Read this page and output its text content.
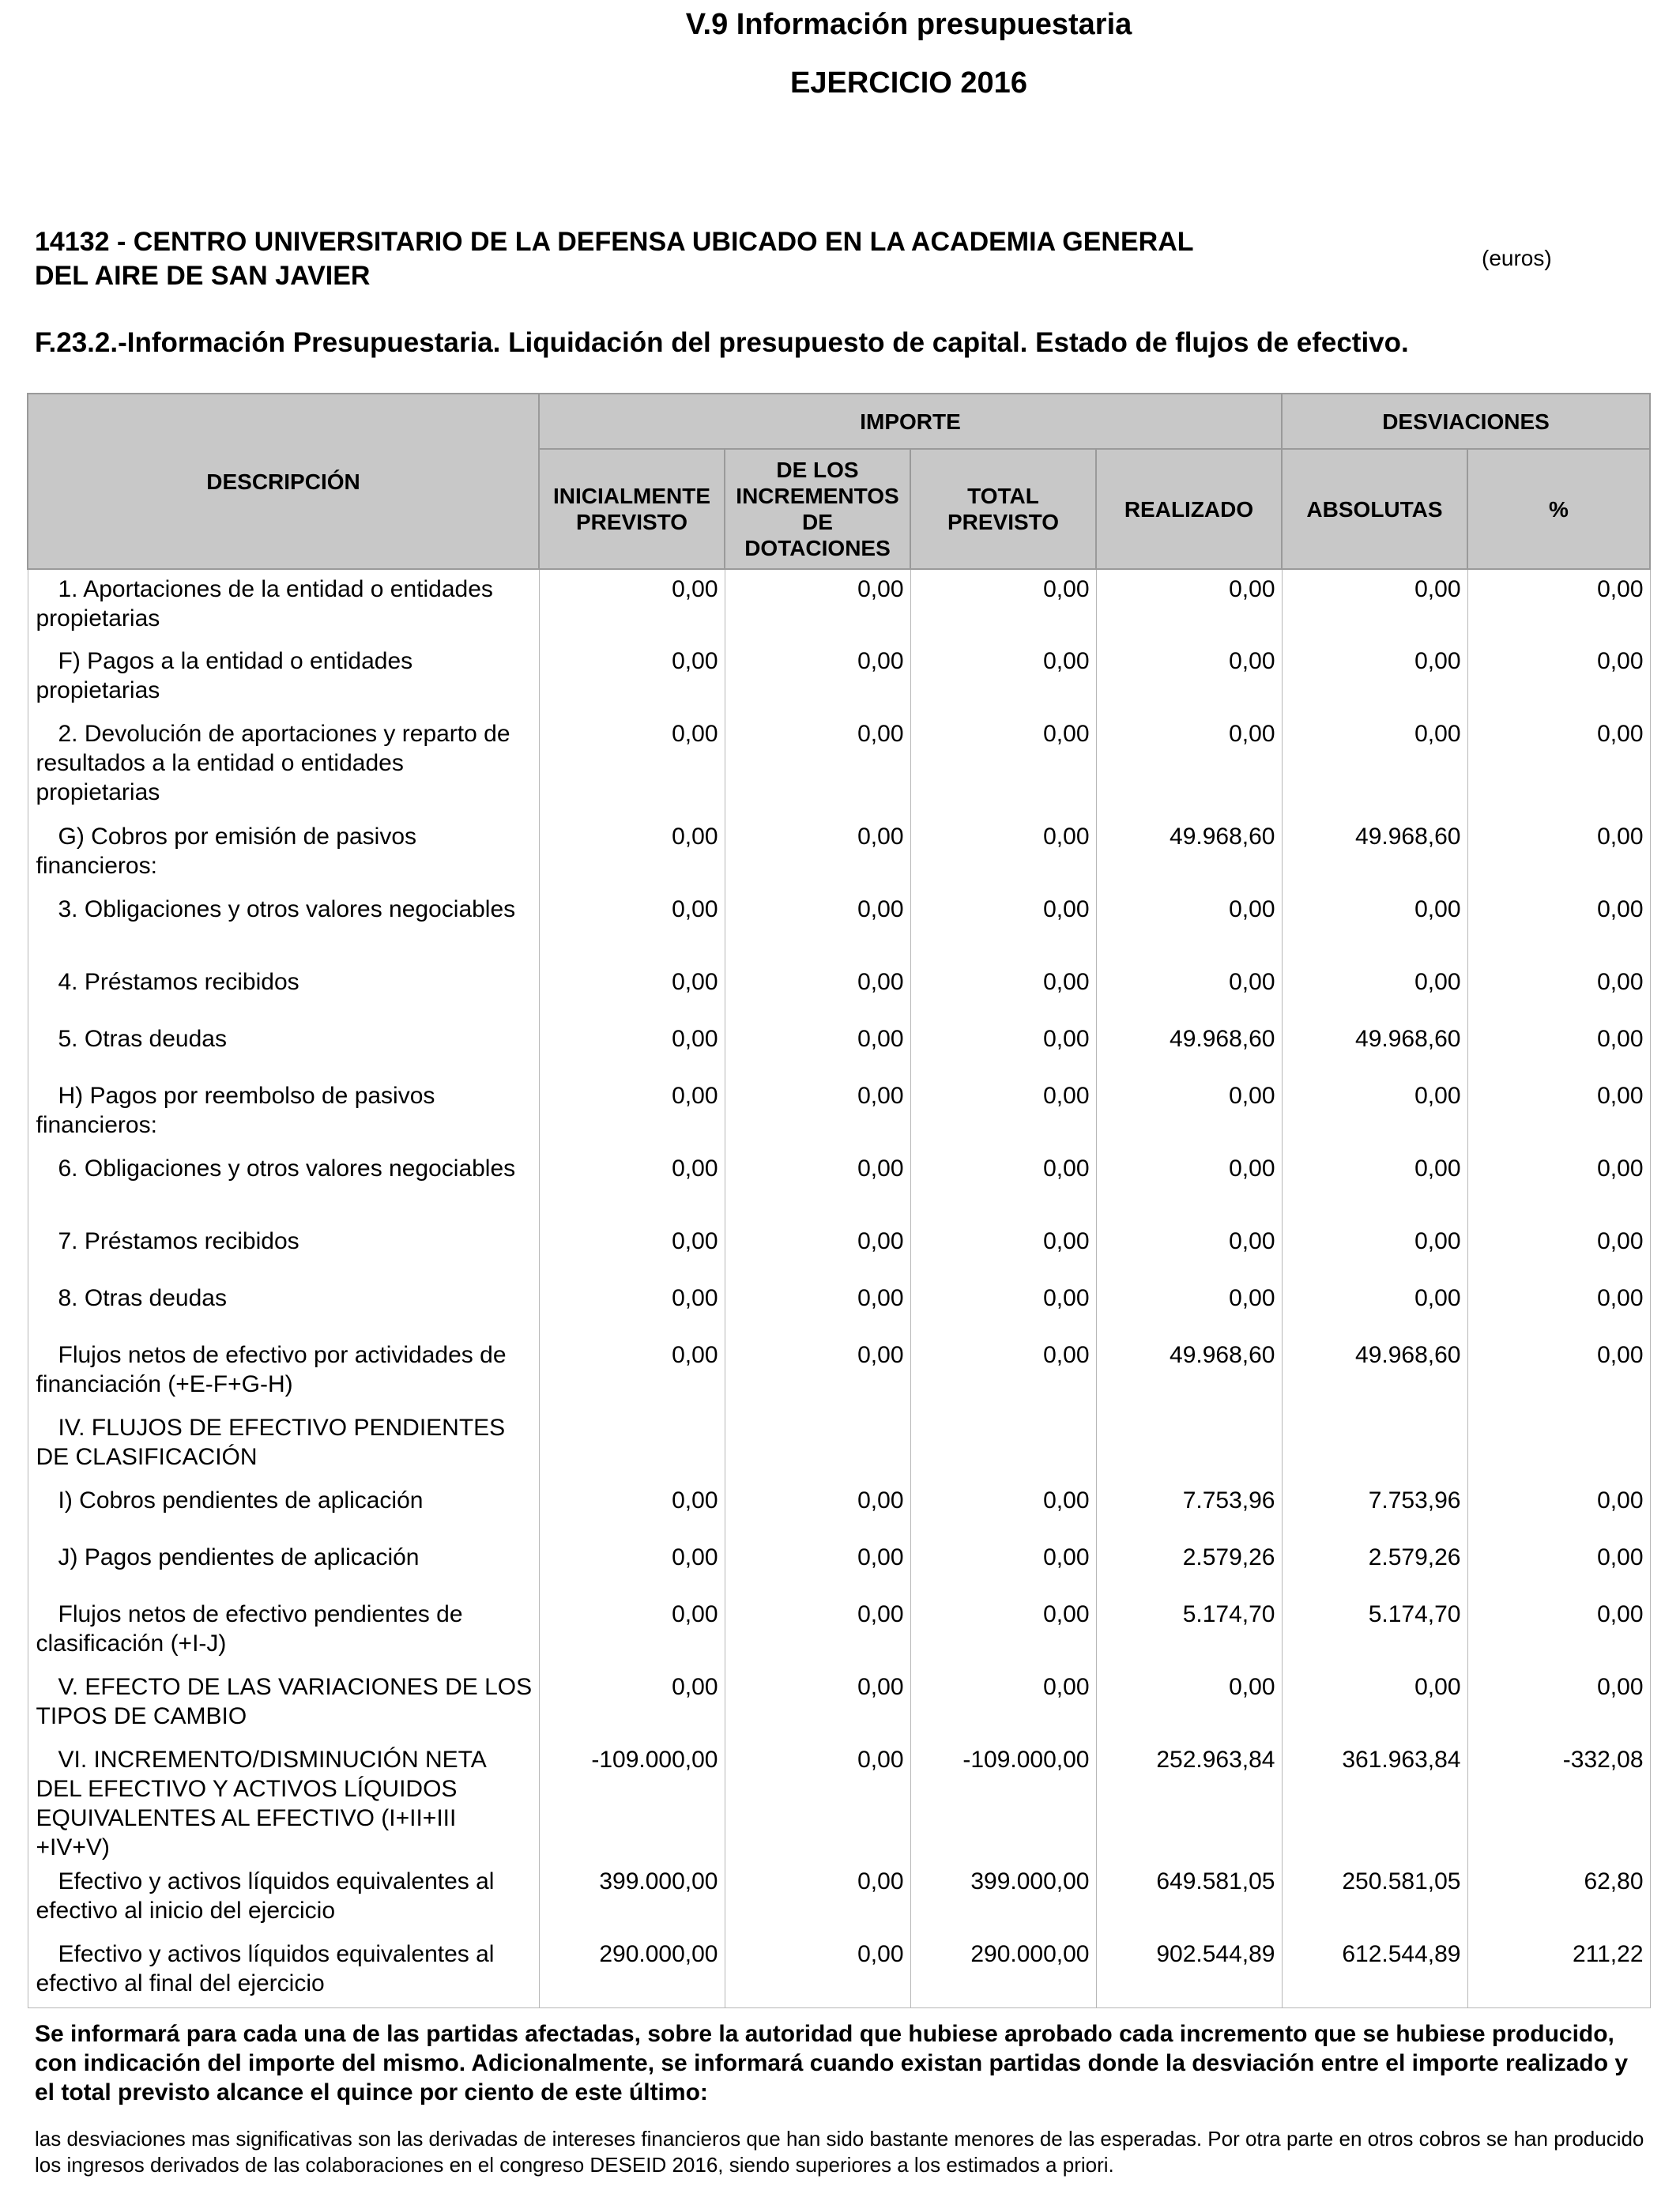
V.9 Información presupuestaria
EJERCICIO 2016
14132 - CENTRO UNIVERSITARIO DE LA DEFENSA UBICADO EN LA ACADEMIA GENERAL
DEL AIRE DE SAN JAVIER
(euros)
F.23.2.-Información Presupuestaria. Liquidación del presupuesto de capital. Estado de flujos de efectivo.
DESCRIPCIÓN	IMPORTE				DESVIACIONES	
	INICIALMENTE PREVISTO	DE LOS INCREMENTOS DE DOTACIONES	TOTAL PREVISTO	REALIZADO	ABSOLUTAS	%
1. Aportaciones de la entidad o entidades propietarias	0,00	0,00	0,00	0,00	0,00	0,00
F) Pagos a la entidad o entidades propietarias	0,00	0,00	0,00	0,00	0,00	0,00
2. Devolución de aportaciones y reparto de resultados a la entidad o entidades propietarias	0,00	0,00	0,00	0,00	0,00	0,00
G) Cobros por emisión de pasivos financieros:	0,00	0,00	0,00	49.968,60	49.968,60	0,00
3. Obligaciones y otros valores negociables	0,00	0,00	0,00	0,00	0,00	0,00
4. Préstamos recibidos	0,00	0,00	0,00	0,00	0,00	0,00
5. Otras deudas	0,00	0,00	0,00	49.968,60	49.968,60	0,00
H) Pagos por reembolso de pasivos financieros:	0,00	0,00	0,00	0,00	0,00	0,00
6. Obligaciones y otros valores negociables	0,00	0,00	0,00	0,00	0,00	0,00
7. Préstamos recibidos	0,00	0,00	0,00	0,00	0,00	0,00
8. Otras deudas	0,00	0,00	0,00	0,00	0,00	0,00
Flujos netos de efectivo por actividades de financiación (+E-F+G-H)	0,00	0,00	0,00	49.968,60	49.968,60	0,00
IV. FLUJOS DE EFECTIVO PENDIENTES DE CLASIFICACIÓN						
I) Cobros pendientes de aplicación	0,00	0,00	0,00	7.753,96	7.753,96	0,00
J) Pagos pendientes de aplicación	0,00	0,00	0,00	2.579,26	2.579,26	0,00
Flujos netos de efectivo pendientes de clasificación (+I-J)	0,00	0,00	0,00	5.174,70	5.174,70	0,00
V. EFECTO DE LAS VARIACIONES DE LOS TIPOS DE CAMBIO	0,00	0,00	0,00	0,00	0,00	0,00
VI. INCREMENTO/DISMINUCIÓN NETA DEL EFECTIVO Y ACTIVOS LÍQUIDOS EQUIVALENTES AL EFECTIVO (I+II+III +IV+V)	-109.000,00	0,00	-109.000,00	252.963,84	361.963,84	-332,08
Efectivo y activos líquidos equivalentes al efectivo al inicio del ejercicio	399.000,00	0,00	399.000,00	649.581,05	250.581,05	62,80
Efectivo y activos líquidos equivalentes al efectivo al final del ejercicio	290.000,00	0,00	290.000,00	902.544,89	612.544,89	211,22
Se informará para cada una de las partidas afectadas, sobre la autoridad que hubiese aprobado cada incremento que se hubiese producido, con indicación del importe del mismo. Adicionalmente, se informará cuando existan partidas donde la desviación entre el importe realizado y el total previsto alcance el quince por ciento de este último:
las desviaciones mas significativas son las derivadas de intereses financieros que han sido bastante menores de las esperadas. Por otra parte en otros cobros se han producido los ingresos derivados de las colaboraciones en el congreso DESEID 2016, siendo superiores a los estimados a priori.
